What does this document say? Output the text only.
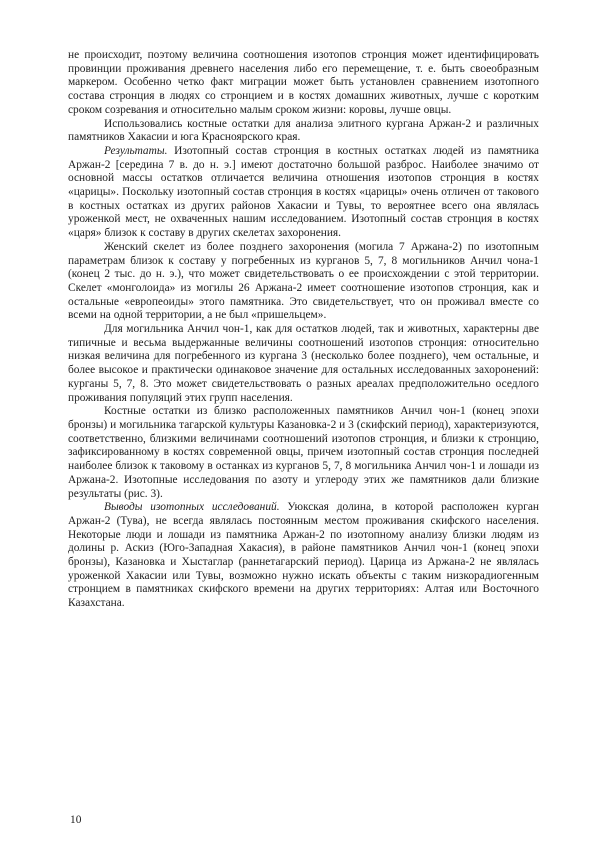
не происходит, поэтому величина соотношения изотопов стронция может идентифицировать провинции проживания древнего населения либо его перемещение, т. е. быть своеобразным маркером. Особенно четко факт миграции может быть установлен сравнением изотопного состава стронция в людях со стронцием и в костях домашних животных, лучше с коротким сроком созревания и относительно малым сроком жизни: коровы, лучше овцы.

Использовались костные остатки для анализа элитного кургана Аржан-2 и различных памятников Хакасии и юга Красноярского края.

Результаты. Изотопный состав стронция в костных остатках людей из памятника Аржан-2 [середина 7 в. до н. э.] имеют достаточно большой разброс. Наиболее значимо от основной массы остатков отличается величина отношения изотопов стронция в костях «царицы». Поскольку изотопный состав стронция в костях «царицы» очень отличен от такового в костных остатках из других районов Хакасии и Тувы, то вероятнее всего она являлась уроженкой мест, не охваченных нашим исследованием. Изотопный состав стронция в костях «царя» близок к составу в других скелетах захоронения.

Женский скелет из более позднего захоронения (могила 7 Аржана-2) по изотопным параметрам близок к составу у погребенных из курганов 5, 7, 8 могильников Анчил чона-1 (конец 2 тыс. до н. э.), что может свидетельствовать о ее происхождении с этой территории. Скелет «монголоида» из могилы 26 Аржана-2 имеет соотношение изотопов стронция, как и остальные «европеоиды» этого памятника. Это свидетельствует, что он проживал вместе со всеми на одной территории, а не был «пришельцем».

Для могильника Анчил чон-1, как для остатков людей, так и животных, характерны две типичные и весьма выдержанные величины соотношений изотопов стронция: относительно низкая величина для погребенного из кургана 3 (несколько более позднего), чем остальные, и более высокое и практически одинаковое значение для остальных исследованных захоронений: курганы 5, 7, 8. Это может свидетельствовать о разных ареалах предположительно оседлого проживания популяций этих групп населения.

Костные остатки из близко расположенных памятников Анчил чон-1 (конец эпохи бронзы) и могильника тагарской культуры Казановка-2 и 3 (скифский период), характеризуются, соответственно, близкими величинами соотношений изотопов стронция, и близки к стронцию, зафиксированному в костях современной овцы, причем изотопный состав стронция последней наиболее близок к таковому в останках из курганов 5, 7, 8 могильника Анчил чон-1 и лошади из Аржана-2. Изотопные исследования по азоту и углероду этих же памятников дали близкие результаты (рис. 3).

Выводы изотопных исследований. Уюкская долина, в которой расположен курган Аржан-2 (Тува), не всегда являлась постоянным местом проживания скифского населения. Некоторые люди и лошади из памятника Аржан-2 по изотопному анализу близки людям из долины р. Аскиз (Юго-Западная Хакасия), в районе памятников Анчил чон-1 (конец эпохи бронзы), Казановка и Хыстаглар (раннетагарский период). Царица из Аржана-2 не являлась уроженкой Хакасии или Тувы, возможно нужно искать объекты с таким низкорадиогенным стронцием в памятниках скифского времени на других территориях: Алтая или Восточного Казахстана.

10
